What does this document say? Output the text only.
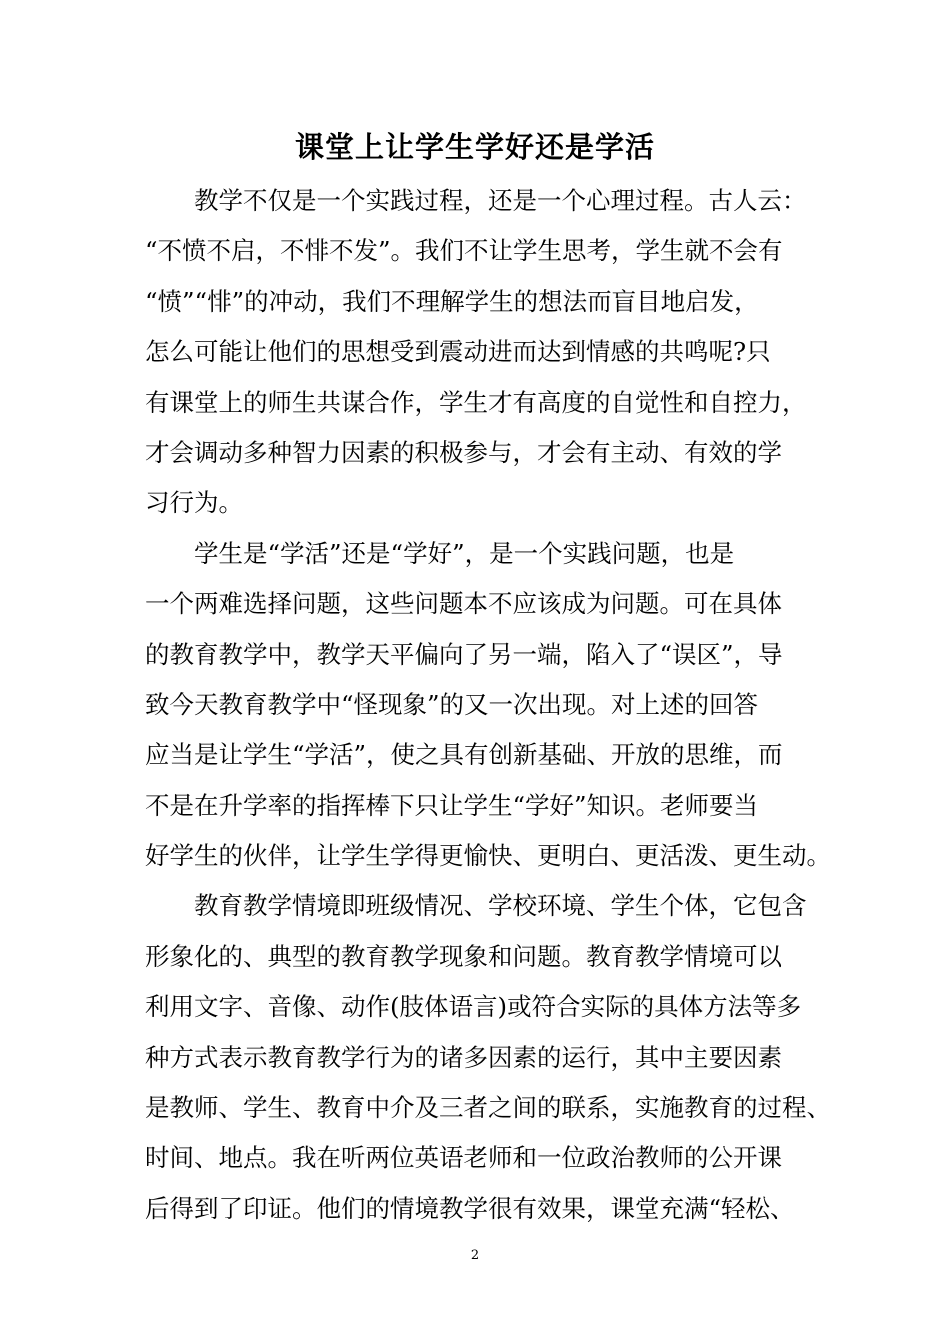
课堂上让学生学好还是学活
教学不仅是一个实践过程，还是一个心理过程。古人云：
“不愤不启，不悱不发”。我们不让学生思考，学生就不会有
“愤”“悱”的冲动，我们不理解学生的想法而盲目地启发，
怎么可能让他们的思想受到震动进而达到情感的共鸣呢?只
有课堂上的师生共谋合作，学生才有高度的自觉性和自控力，
才会调动多种智力因素的积极参与，才会有主动、有效的学
习行为。
学生是“学活”还是“学好”，是一个实践问题，也是
一个两难选择问题，这些问题本不应该成为问题。可在具体
的教育教学中，教学天平偏向了另一端，陷入了“误区”，导
致今天教育教学中“怪现象”的又一次出现。对上述的回答
应当是让学生“学活”，使之具有创新基础、开放的思维，而
不是在升学率的指挥棒下只让学生“学好”知识。老师要当
好学生的伙伴，让学生学得更愉快、更明白、更活泼、更生动。
教育教学情境即班级情况、学校环境、学生个体，它包含
形象化的、典型的教育教学现象和问题。教育教学情境可以
利用文字、音像、动作(肢体语言)或符合实际的具体方法等多
种方式表示教育教学行为的诸多因素的运行，其中主要因素
是教师、学生、教育中介及三者之间的联系，实施教育的过程、
时间、地点。我在听两位英语老师和一位政治教师的公开课
后得到了印证。他们的情境教学很有效果，课堂充满“轻松、
2
